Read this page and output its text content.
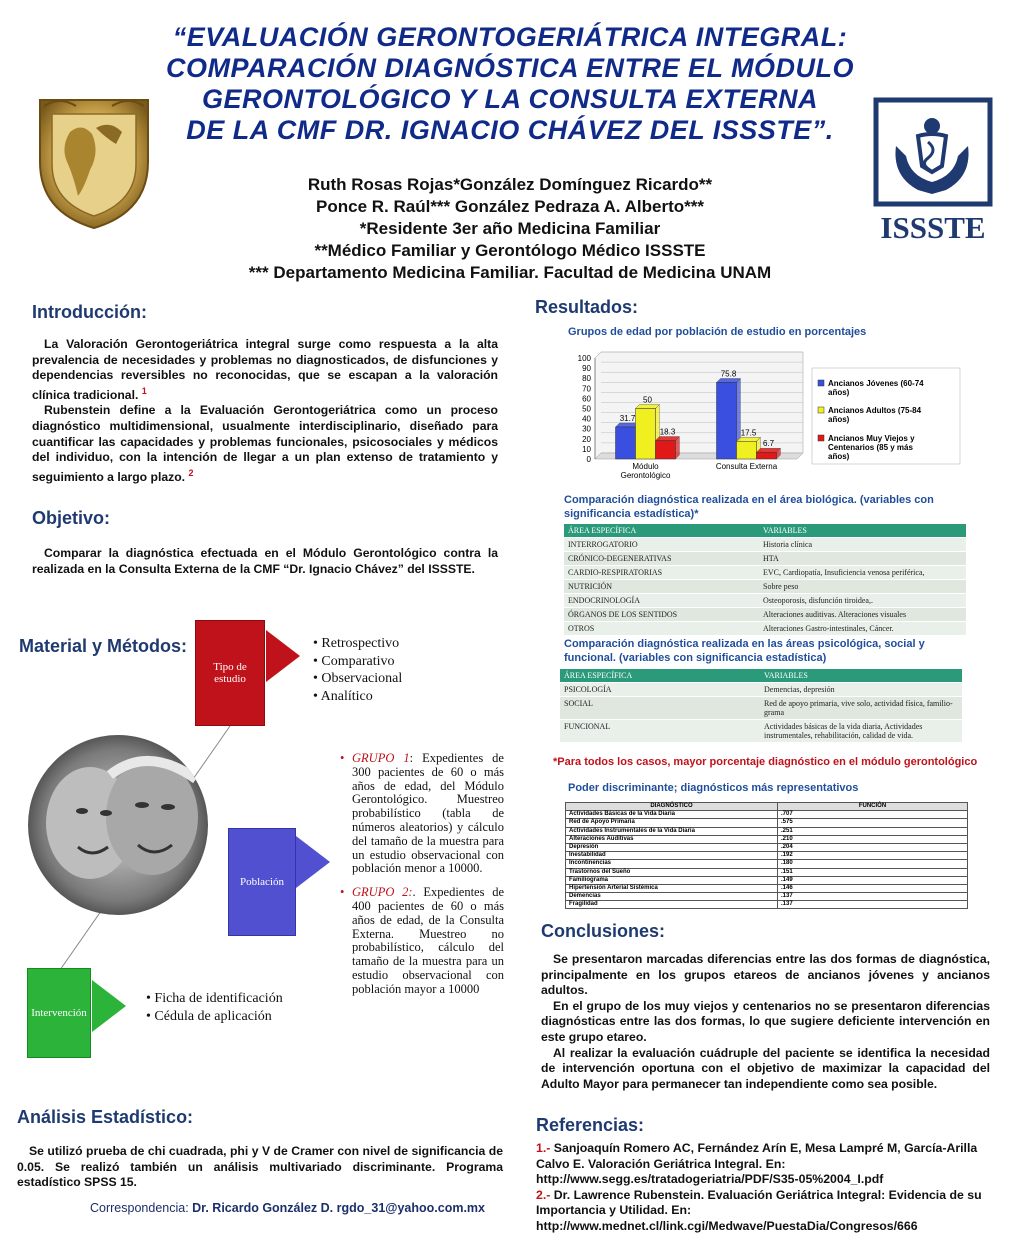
“EVALUACIÓN GERONTOGERIÁTRICA INTEGRAL:
COMPARACIÓN DIAGNÓSTICA ENTRE EL MÓDULO
GERONTOLÓGICO Y LA CONSULTA EXTERNA
DE LA CMF DR. IGNACIO CHÁVEZ DEL ISSSTE”.
ISSSTE
Ruth Rosas Rojas*González Domínguez Ricardo**
Ponce R. Raúl*** González Pedraza A. Alberto***
*Residente 3er año Medicina Familiar
**Médico Familiar y Gerontólogo Médico ISSSTE
*** Departamento Medicina Familiar. Facultad de Medicina UNAM
Introducción:

La Valoración Gerontogeriátrica integral surge como respuesta a la alta prevalencia de necesidades y problemas no diagnosticados, de disfunciones y dependencias reversibles no reconocidas, que se escapan a la valoración clínica tradicional. $^1$

Rubenstein define a la Evaluación Gerontogeriátrica como un proceso diagnóstico multidimensional, usualmente interdisciplinario, diseñado para cuantificar las capacidades y problemas funcionales, psicosociales y médicos del individuo, con la intención de llegar a un plan extenso de tratamiento y seguimiento a largo plazo. $^2$

Objetivo:

Comparar la diagnóstica efectuada en el Módulo Gerontológico contra la realizada en la Consulta Externa de la CMF “Dr. Ignacio Chávez” del ISSSTE.

Material y Métodos:
Tipo de estudio
• Retrospectivo
• Comparativo
• Observacional
• Analítico
Población
• GRUPO 1: Expedientes de 300 pacientes de 60 o más años de edad, del Módulo Gerontológico. Muestreo probabilístico (tabla de números aleatorios) y cálculo del tamaño de la muestra para un estudio observacional con población menor a 10000.
• GRUPO 2:. Expedientes de 400 pacientes de 60 o más años de edad, de la Consulta Externa. Muestreo no probabilístico, cálculo del tamaño de la muestra para un estudio observacional con población mayor a 10000
Intervención
• Ficha de identificación
• Cédula de aplicación
Análisis Estadístico:

Se utilizó prueba de chi cuadrada, phi y V de Cramer con nivel de significancia de 0.05. Se realizó también un análisis multivariado discriminante. Programa estadístico SPSS 15.

Correspondencia: Dr. Ricardo González D. rgdo_31@yahoo.com.mx
Resultados:
Grupos de edad por población de estudio en porcentajes
0
10
20
30
40
50
60
70
80
90
100
31.7
50
18.3
Módulo
Gerontológico
75.8
17.5
6.7
Consulta Externa
Ancianos Jóvenes (60-74 años)
Ancianos Adultos (75-84 años)
Ancianos Muy Viejos y Centenarios (85 y más años)
Comparación diagnóstica realizada en el área biológica. (variables con significancia estadística)*
ÁREA ESPECÍFICA	VARIABLES
INTERROGATORIO	Historia clínica
CRÓNICO-DEGENERATIVAS	HTA
CARDIO-RESPIRATORIAS	EVC, Cardiopatía, Insuficiencia venosa periférica,
NUTRICIÓN	Sobre peso
ENDOCRINOLOGÍA	Osteoporosis, disfunción tiroidea,.
ÓRGANOS DE LOS SENTIDOS	Alteraciones auditivas. Alteraciones visuales
OTROS	Alteraciones Gastro-intestinales, Cáncer.
Comparación diagnóstica realizada en las áreas psicológica, social y funcional. (variables con significancia estadística)
ÁREA ESPECÍFICA	VARIABLES
PSICOLOGÍA	Demencias, depresión
SOCIAL	Red de apoyo primaria, vive solo, actividad física, familio-grama
FUNCIONAL	Actividades básicas de la vida diaria, Actividades instrumentales, rehabilitación, calidad de vida.
*Para todos los casos, mayor porcentaje diagnóstico en el módulo gerontológico
Poder discriminante; diagnósticos más representativos
DIAGNÓSTICO	FUNCIÓN
Actividades Básicas de la Vida Diaria	.707
Red de Apoyo Primaria	.575
Actividades Instrumentales de la Vida Diaria	.251
Alteraciones Auditivas	.210
Depresión	.204
Inestabilidad	.192
Incontinencias	.180
Trastornos del Sueño	.151
Familiograma	.149
Hipertensión Arterial Sistémica	.146
Demencias	.137
Fragilidad	.137
Conclusiones:

Se presentaron marcadas diferencias entre las dos formas de diagnóstica, principalmente en los grupos etareos de ancianos jóvenes y ancianos adultos.

En el grupo de los muy viejos y centenarios no se presentaron diferencias diagnósticas entre las dos formas, lo que sugiere deficiente intervención en este grupo etareo.

Al realizar la evaluación cuádruple del paciente se identifica la necesidad de intervención oportuna con el objetivo de maximizar la capacidad del Adulto Mayor para permanecer tan independiente como sea posible.

Referencias:
1.- Sanjoaquín Romero AC, Fernández Arín E, Mesa Lampré M, García-Arilla Calvo E. Valoración Geriátrica Integral. En: http://www.segg.es/tratadogeriatria/PDF/S35-05%2004_I.pdf
2.- Dr. Lawrence Rubenstein. Evaluación Geriátrica Integral: Evidencia de su Importancia y Utilidad. En: http://www.mednet.cl/link.cgi/Medwave/PuestaDia/Congresos/666
